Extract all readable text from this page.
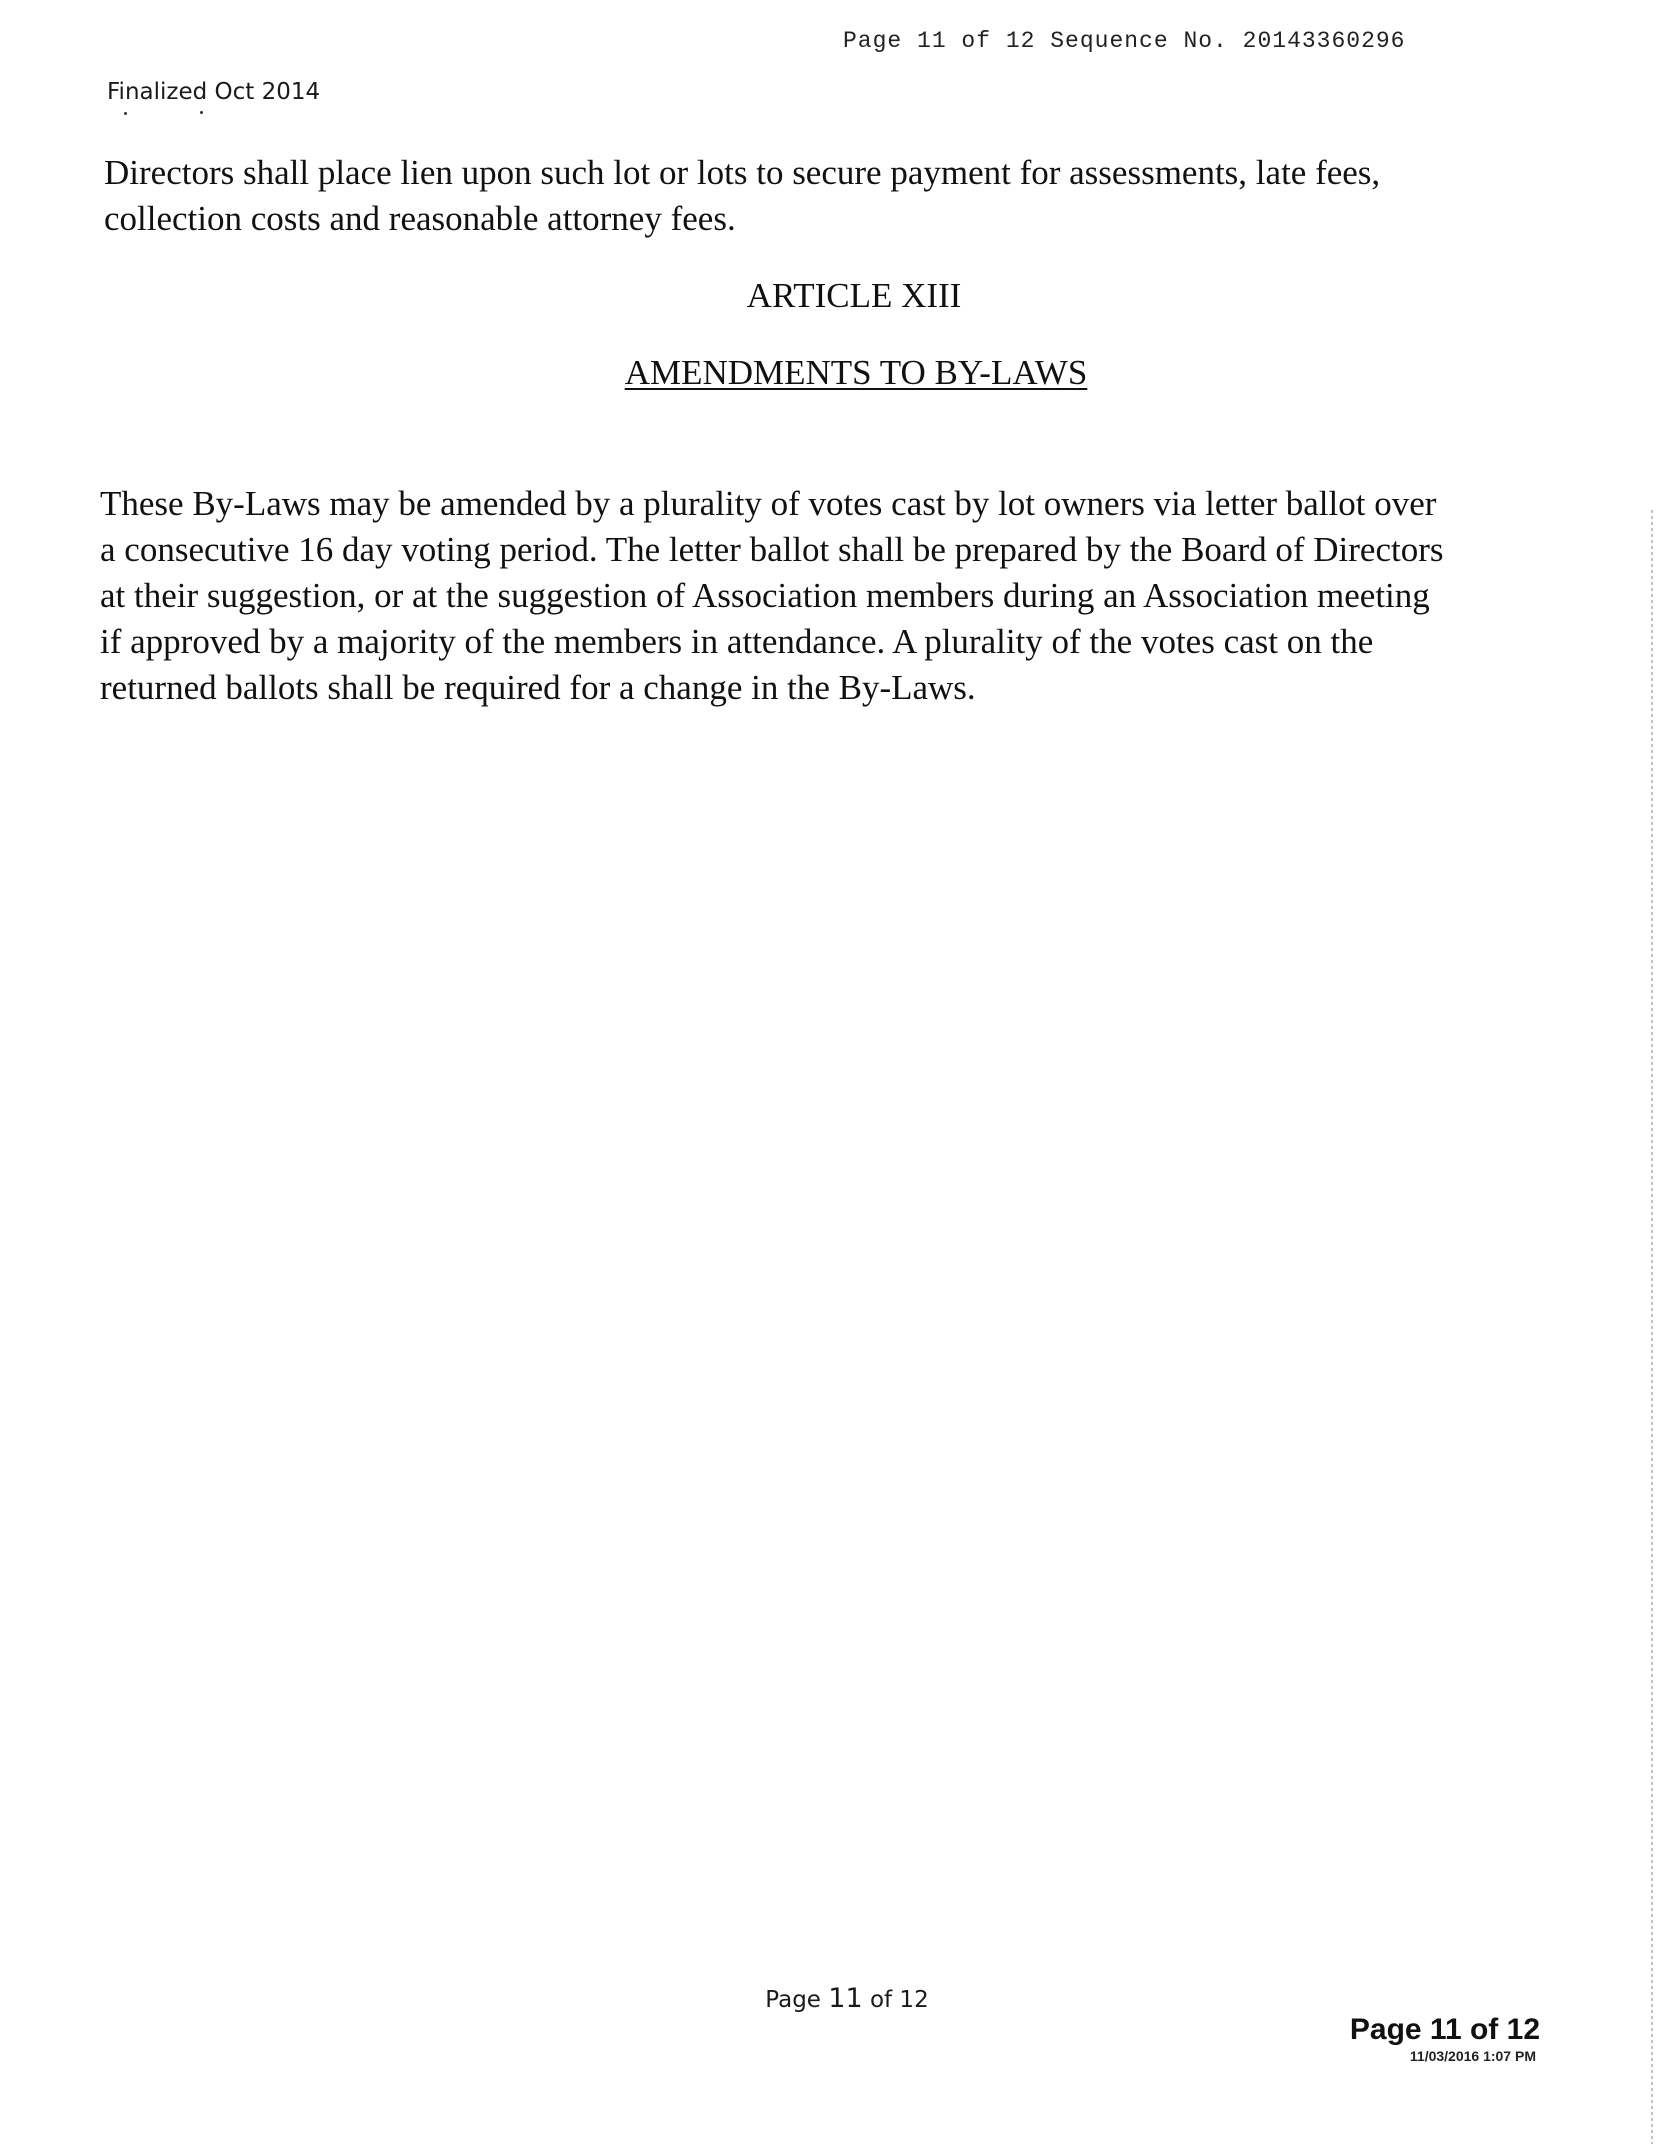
Page 11 of 12 Sequence No. 20143360296
Finalized Oct 2014

Directors shall place lien upon such lot or lots to secure payment for assessments, late fees,

collection costs and reasonable attorney fees.

ARTICLE XIII
AMENDMENTS TO BY-LAWS

These By-Laws may be amended by a plurality of votes cast by lot owners via letter ballot over

a consecutive 16 day voting period. The letter ballot shall be prepared by the Board of Directors

at their suggestion, or at the suggestion of Association members during an Association meeting

if approved by a majority of the members in attendance. A plurality of the votes cast on the

returned ballots shall be required for a change in the By-Laws.

Page 11 of 12
Page 11 of 12
11/03/2016 1:07 PM
